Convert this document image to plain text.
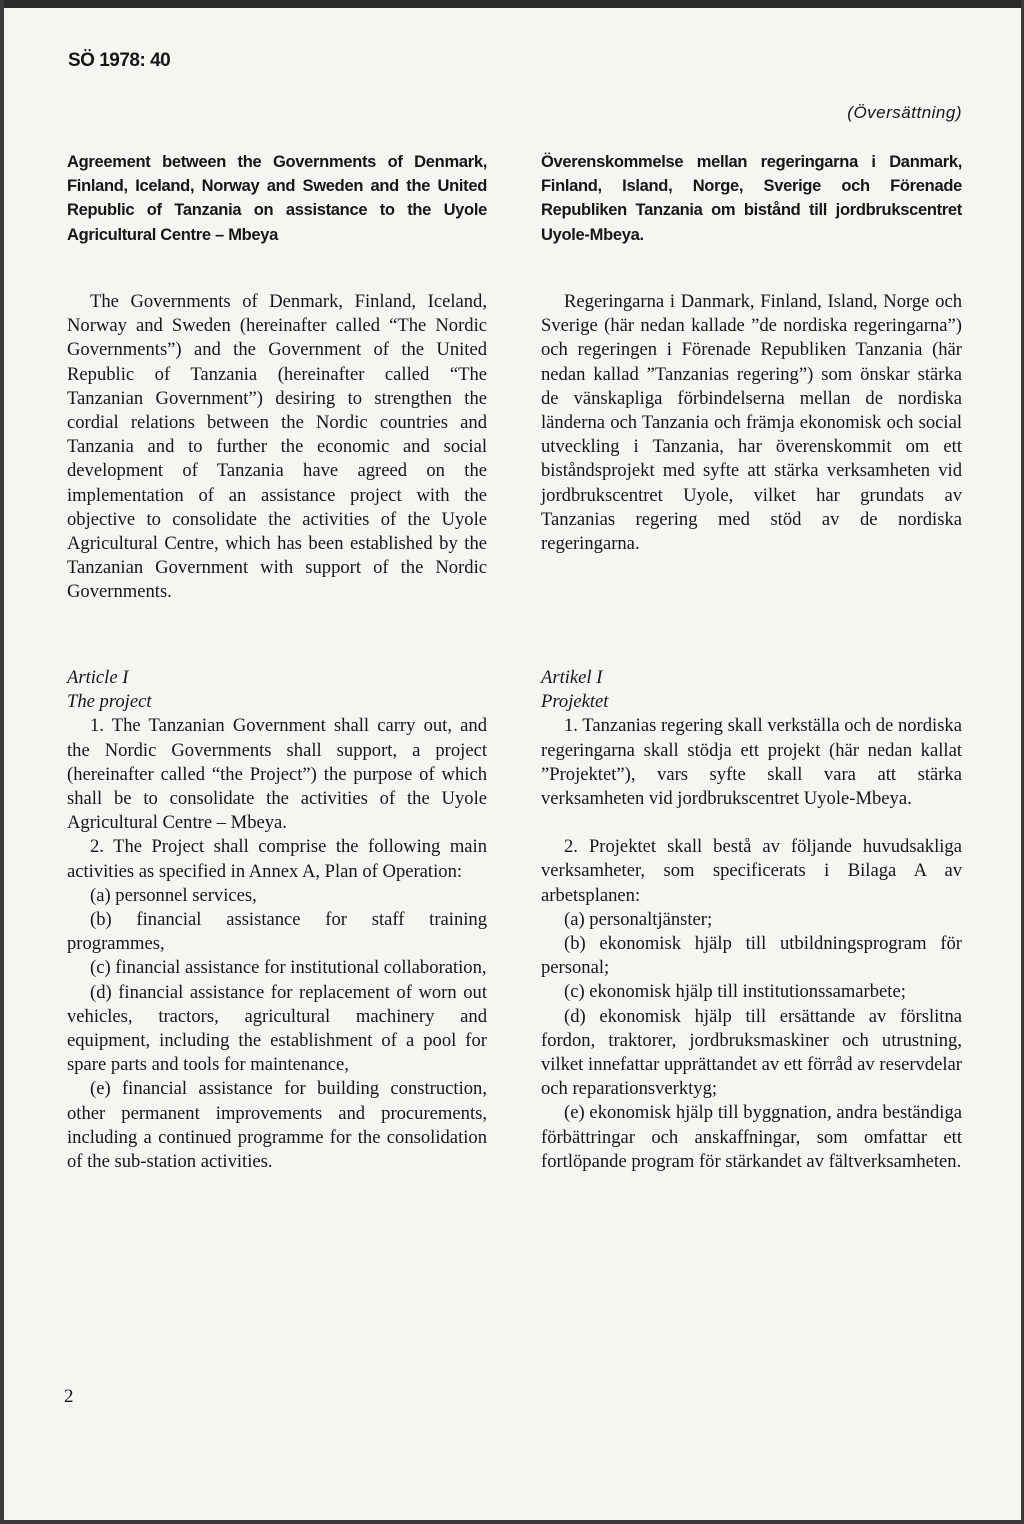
SÖ 1978: 40
(Översättning)

Agreement between the Governments of Denmark, Finland, Iceland, Norway and Sweden and the United Republic of Tanzania on assistance to the Uyole Agricultural Centre – Mbeya

The Governments of Denmark, Finland, Iceland, Norway and Sweden (hereinafter called “The Nordic Governments”) and the Government of the United Republic of Tanzania (hereinafter called “The Tanzanian Government”) desiring to strengthen the cordial relations between the Nordic countries and Tanzania and to further the economic and social development of Tanzania have agreed on the implementation of an assistance project with the objective to consolidate the activities of the Uyole Agricultural Centre, which has been established by the Tanzanian Government with support of the Nordic Governments.

Article I

The project

1. The Tanzanian Government shall carry out, and the Nordic Governments shall support, a project (hereinafter called “the Project”) the purpose of which shall be to consolidate the activities of the Uyole Agricultural Centre – Mbeya.

2. The Project shall comprise the following main activities as specified in Annex A, Plan of Operation:

(a) personnel services,

(b) financial assistance for staff training programmes,

(c) financial assistance for institutional collaboration,

(d) financial assistance for replacement of worn out vehicles, tractors, agricultural machinery and equipment, including the establishment of a pool for spare parts and tools for maintenance,

(e) financial assistance for building construction, other permanent improvements and procurements, including a continued programme for the consolidation of the sub-station activities.

Överenskommelse mellan regeringarna i Danmark, Finland, Island, Norge, Sverige och Förenade Republiken Tanzania om bistånd till jordbrukscentret Uyole-Mbeya.

Regeringarna i Danmark, Finland, Island, Norge och Sverige (här nedan kallade ”de nordiska regeringarna”) och regeringen i Förenade Republiken Tanzania (här nedan kallad ”Tanzanias regering”) som önskar stärka de vänskapliga förbindelserna mellan de nordiska länderna och Tanzania och främja ekonomisk och social utveckling i Tanzania, har överenskommit om ett biståndsprojekt med syfte att stärka verksamheten vid jordbrukscentret Uyole, vilket har grundats av Tanzanias regering med stöd av de nordiska regeringarna.

Artikel I

Projektet

1. Tanzanias regering skall verkställa och de nordiska regeringarna skall stödja ett projekt (här nedan kallat ”Projektet”), vars syfte skall vara att stärka verksamheten vid jordbrukscentret Uyole-Mbeya.

2. Projektet skall bestå av följande huvudsakliga verksamheter, som specificerats i Bilaga A av arbetsplanen:

(a) personaltjänster;

(b) ekonomisk hjälp till utbildningsprogram för personal;

(c) ekonomisk hjälp till institutionssamarbete;

(d) ekonomisk hjälp till ersättande av förslitna fordon, traktorer, jordbruksmaskiner och utrustning, vilket innefattar upprättandet av ett förråd av reservdelar och reparationsverktyg;

(e) ekonomisk hjälp till byggnation, andra beständiga förbättringar och anskaffningar, som omfattar ett fortlöpande program för stärkandet av fältverksamheten.

2
